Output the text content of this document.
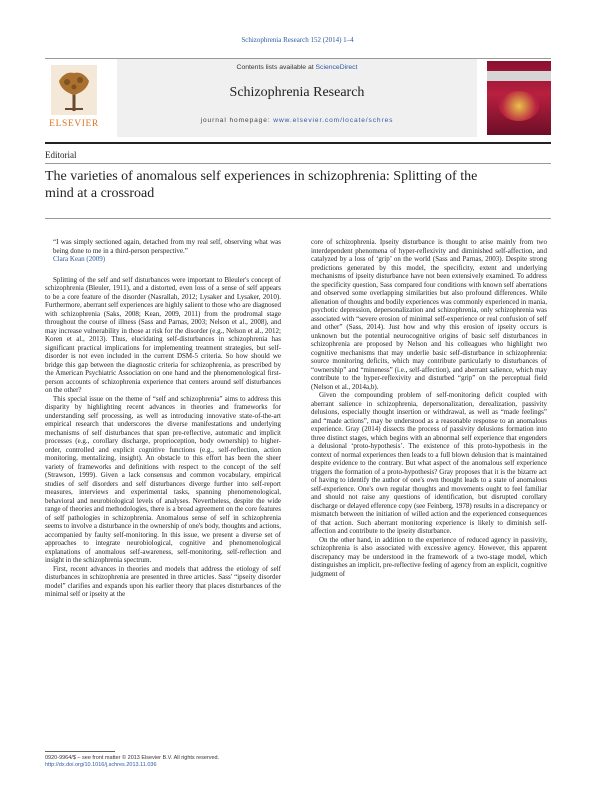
Schizophrenia Research 152 (2014) 1–4
ELSEVIER
Contents lists available at ScienceDirect
Schizophrenia Research
journal homepage: www.elsevier.com/locate/schres
Editorial
The varieties of anomalous self experiences in schizophrenia: Splitting of the mind at a crossroad
“I was simply sectioned again, detached from my real self, observing what was being done to me in a third-person perspective.”
Clara Kean (2009)

Splitting of the self and self disturbances were important to Bleuler's concept of schizophrenia (Bleuler, 1911), and a distorted, even loss of a sense of self appears to be a core feature of the disorder (Nasrallah, 2012; Lysaker and Lysaker, 2010). Furthermore, aberrant self experiences are highly salient to those who are diagnosed with schizophrenia (Saks, 2008; Kean, 2009, 2011) from the prodromal stage throughout the course of illness (Sass and Parnas, 2003; Nelson et al., 2008), and may increase vulnerability in those at risk for the disorder (e.g., Nelson et al., 2012; Koren et al., 2013). Thus, elucidating self-disturbances in schizophrenia has significant practical implications for implementing treatment strategies, but self-disorder is not even included in the current DSM-5 criteria. So how should we bridge this gap between the diagnostic criteria for schizophrenia, as prescribed by the American Psychiatric Association on one hand and the phenomenological first-person accounts of schizophrenia experience that centers around self disturbances on the other?

This special issue on the theme of “self and schizophrenia” aims to address this disparity by highlighting recent advances in theories and frameworks for understanding self processing, as well as introducing innovative state-of-the-art empirical research that underscores the diverse manifestations and underlying mechanisms of self disturbances that span pre-reflective, automatic and implicit processes (e.g., corollary discharge, proprioception, body ownership) to higher-order, controlled and explicit cognitive functions (e.g., self-reflection, action monitoring, mentalizing, insight). An obstacle to this effort has been the sheer variety of frameworks and definitions with respect to the concept of the self (Strawson, 1999). Given a lack consensus and common vocabulary, empirical studies of self disorders and self disturbances diverge further into self-report measures, interviews and experimental tasks, spanning phenomenological, behavioral and neurobiological levels of analyses. Nevertheless, despite the wide range of theories and methodologies, there is a broad agreement on the core features of self pathologies in schizophrenia. Anomalous sense of self in schizophrenia seems to involve a disturbance in the ownership of one's body, thoughts and actions, accompanied by faulty self-monitoring. In this issue, we present a diverse set of approaches to integrate neurobiological, cognitive and phenomenological explanations of anomalous self-awareness, self-monitoring, self-reflection and insight in the schizophrenia spectrum.

First, recent advances in theories and models that address the etiology of self disturbances in schizophrenia are presented in three articles. Sass' “ipseity disorder model” clarifies and expands upon his earlier theory that places disturbances of the minimal self or ipseity at the

core of schizophrenia. Ipseity disturbance is thought to arise mainly from two interdependent phenomena of hyper-reflexivity and diminished self-affection, and catalyzed by a loss of ‘grip’ on the world (Sass and Parnas, 2003). Despite strong predictions generated by this model, the specificity, extent and underlying mechanisms of ipseity disturbance have not been extensively examined. To address the specificity question, Sass compared four conditions with known self aberrations and observed some overlapping similarities but also profound differences. While alienation of thoughts and bodily experiences was commonly experienced in mania, psychotic depression, depersonalization and schizophrenia, only schizophrenia was associated with “severe erosion of minimal self-experience or real confusion of self and other” (Sass, 2014). Just how and why this erosion of ipseity occurs is unknown but the potential neurocognitive origins of basic self disturbances in schizophrenia are proposed by Nelson and his colleagues who highlight two cognitive mechanisms that may underlie basic self-disturbance in schizophrenia: source monitoring deficits, which may contribute particularly to disturbances of “ownership” and “mineness” (i.e., self-affection), and aberrant salience, which may contribute to the hyper-reflexivity and disturbed “grip” on the perceptual field (Nelson et al., 2014a,b).

Given the compounding problem of self-monitoring deficit coupled with aberrant salience in schizophrenia, depersonalization, derealization, passivity delusions, especially thought insertion or withdrawal, as well as “made feelings” and “made actions”, may be understood as a reasonable response to an anomalous experience. Gray (2014) dissects the process of passivity delusions formation into three distinct stages, which begins with an abnormal self experience that engenders a delusional ‘proto-hypothesis’. The existence of this proto-hypothesis in the context of normal experiences then leads to a full blown delusion that is maintained despite evidence to the contrary. But what aspect of the anomalous self experience triggers the formation of a proto-hypothesis? Gray proposes that it is the bizarre act of having to identify the author of one's own thought leads to a state of anomalous self-experience. One's own regular thoughts and movements ought to feel familiar and should not raise any questions of identification, but disrupted corollary discharge or delayed efference copy (see Feinberg, 1978) results in a discrepancy or mismatch between the initiation of willed action and the experienced consequences of that action. Such aberrant monitoring experience is likely to diminish self-affection and contribute to the ipseity disturbance.

On the other hand, in addition to the experience of reduced agency in passivity, schizophrenia is also associated with excessive agency. However, this apparent discrepancy may be understood in the framework of a two-stage model, which distinguishes an implicit, pre-reflective feeling of agency from an explicit, cognitive judgment of

0920-9964/$ – see front matter © 2013 Elsevier B.V. All rights reserved.
http://dx.doi.org/10.1016/j.schres.2013.11.036
